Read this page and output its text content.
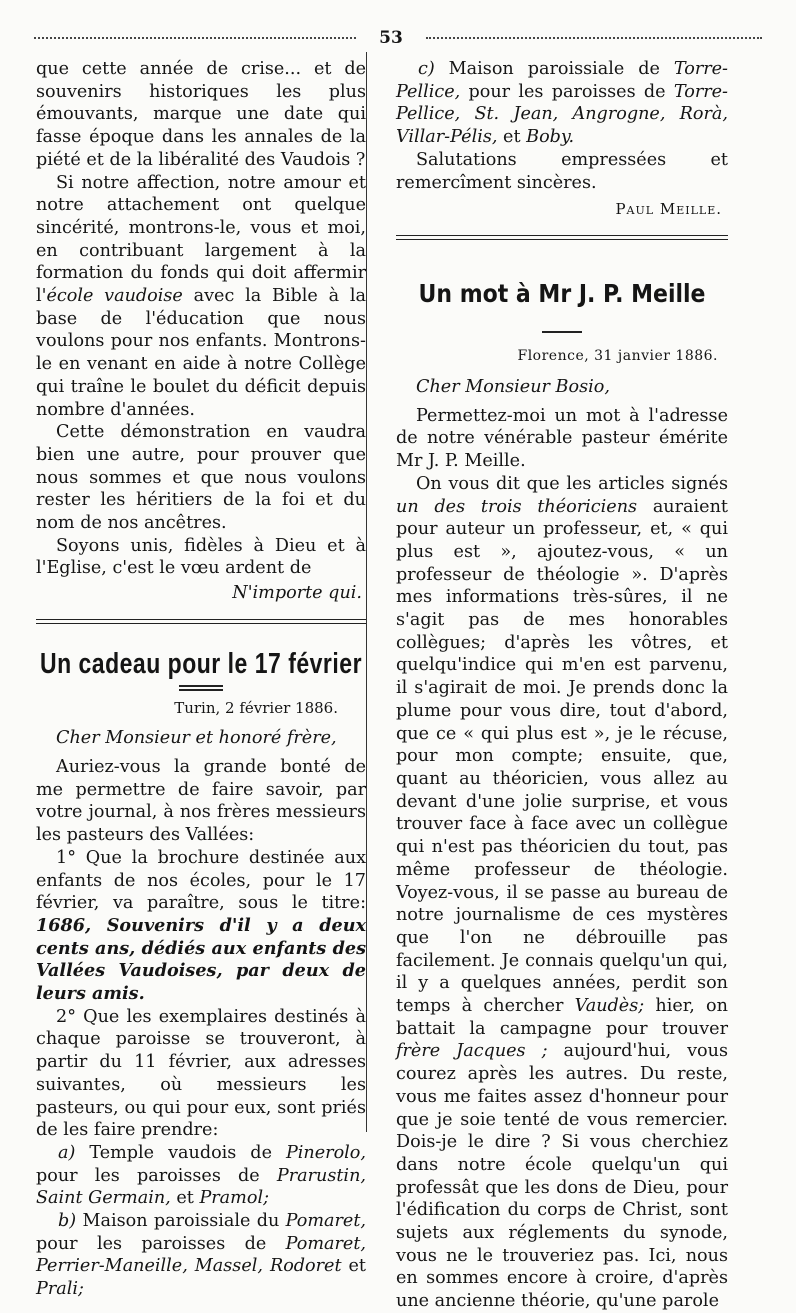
53

que cette année de crise... et de souvenirs historiques les plus émouvants, marque une date qui fasse époque dans les annales de la piété et de la libéralité des Vaudois ?

Si notre affection, notre amour et notre attachement ont quelque sincérité, montrons-le, vous et moi, en contribuant largement à la formation du fonds qui doit affermir l'école vaudoise avec la Bible à la base de l'éducation que nous voulons pour nos enfants. Montrons-le en venant en aide à notre Collège qui traîne le boulet du déficit depuis nombre d'années.

Cette démonstration en vaudra bien une autre, pour prouver que nous sommes et que nous voulons rester les héritiers de la foi et du nom de nos ancêtres.

Soyons unis, fidèles à Dieu et à l'Eglise, c'est le vœu ardent de

N'importe qui.

Un cadeau pour le 17 février
Turin, 2 février 1886.

Cher Monsieur et honoré frère,

Auriez-vous la grande bonté de me permettre de faire savoir, par votre journal, à nos frères messieurs les pasteurs des Vallées:

1° Que la brochure destinée aux enfants de nos écoles, pour le 17 février, va paraître, sous le titre: 1686, Souvenirs d'il y a deux cents ans, dédiés aux enfants des Vallées Vaudoises, par deux de leurs amis.

2° Que les exemplaires destinés à chaque paroisse se trouveront, à partir du 11 février, aux adresses suivantes, où messieurs les pasteurs, ou qui pour eux, sont priés de les faire prendre:

a) Temple vaudois de Pinerolo, pour les paroisses de Prarustin, Saint Germain, et Pramol;

b) Maison paroissiale du Pomaret, pour les paroisses de Pomaret, Perrier-Maneille, Massel, Rodoret et Prali;

c) Maison paroissiale de Torre-Pellice, pour les paroisses de Torre-Pellice, St. Jean, Angrogne, Rorà, Villar-Pélis, et Boby.

Salutations empressées et remercîment sincères.

Paul Meille.

Un mot à Mr J. P. Meille
Florence, 31 janvier 1886.

Cher Monsieur Bosio,

Permettez-moi un mot à l'adresse de notre vénérable pasteur émérite Mr J. P. Meille.

On vous dit que les articles signés un des trois théoriciens auraient pour auteur un professeur, et, « qui plus est », ajoutez-vous, « un professeur de théologie ». D'après mes informations très-sûres, il ne s'agit pas de mes honorables collègues; d'après les vôtres, et quelqu'indice qui m'en est parvenu, il s'agirait de moi. Je prends donc la plume pour vous dire, tout d'abord, que ce « qui plus est », je le récuse, pour mon compte; ensuite, que, quant au théoricien, vous allez au devant d'une jolie surprise, et vous trouver face à face avec un collègue qui n'est pas théoricien du tout, pas même professeur de théologie. Voyez-vous, il se passe au bureau de notre journalisme de ces mystères que l'on ne débrouille pas facilement. Je connais quelqu'un qui, il y a quelques années, perdit son temps à chercher Vaudès; hier, on battait la campagne pour trouver frère Jacques ; aujourd'hui, vous courez après les autres. Du reste, vous me faites assez d'honneur pour que je soie tenté de vous remercier. Dois-je le dire ? Si vous cherchiez dans notre école quelqu'un qui professât que les dons de Dieu, pour l'édification du corps de Christ, sont sujets aux réglements du synode, vous ne le trouveriez pas. Ici, nous en sommes encore à croire, d'après une ancienne théorie, qu'une parole
